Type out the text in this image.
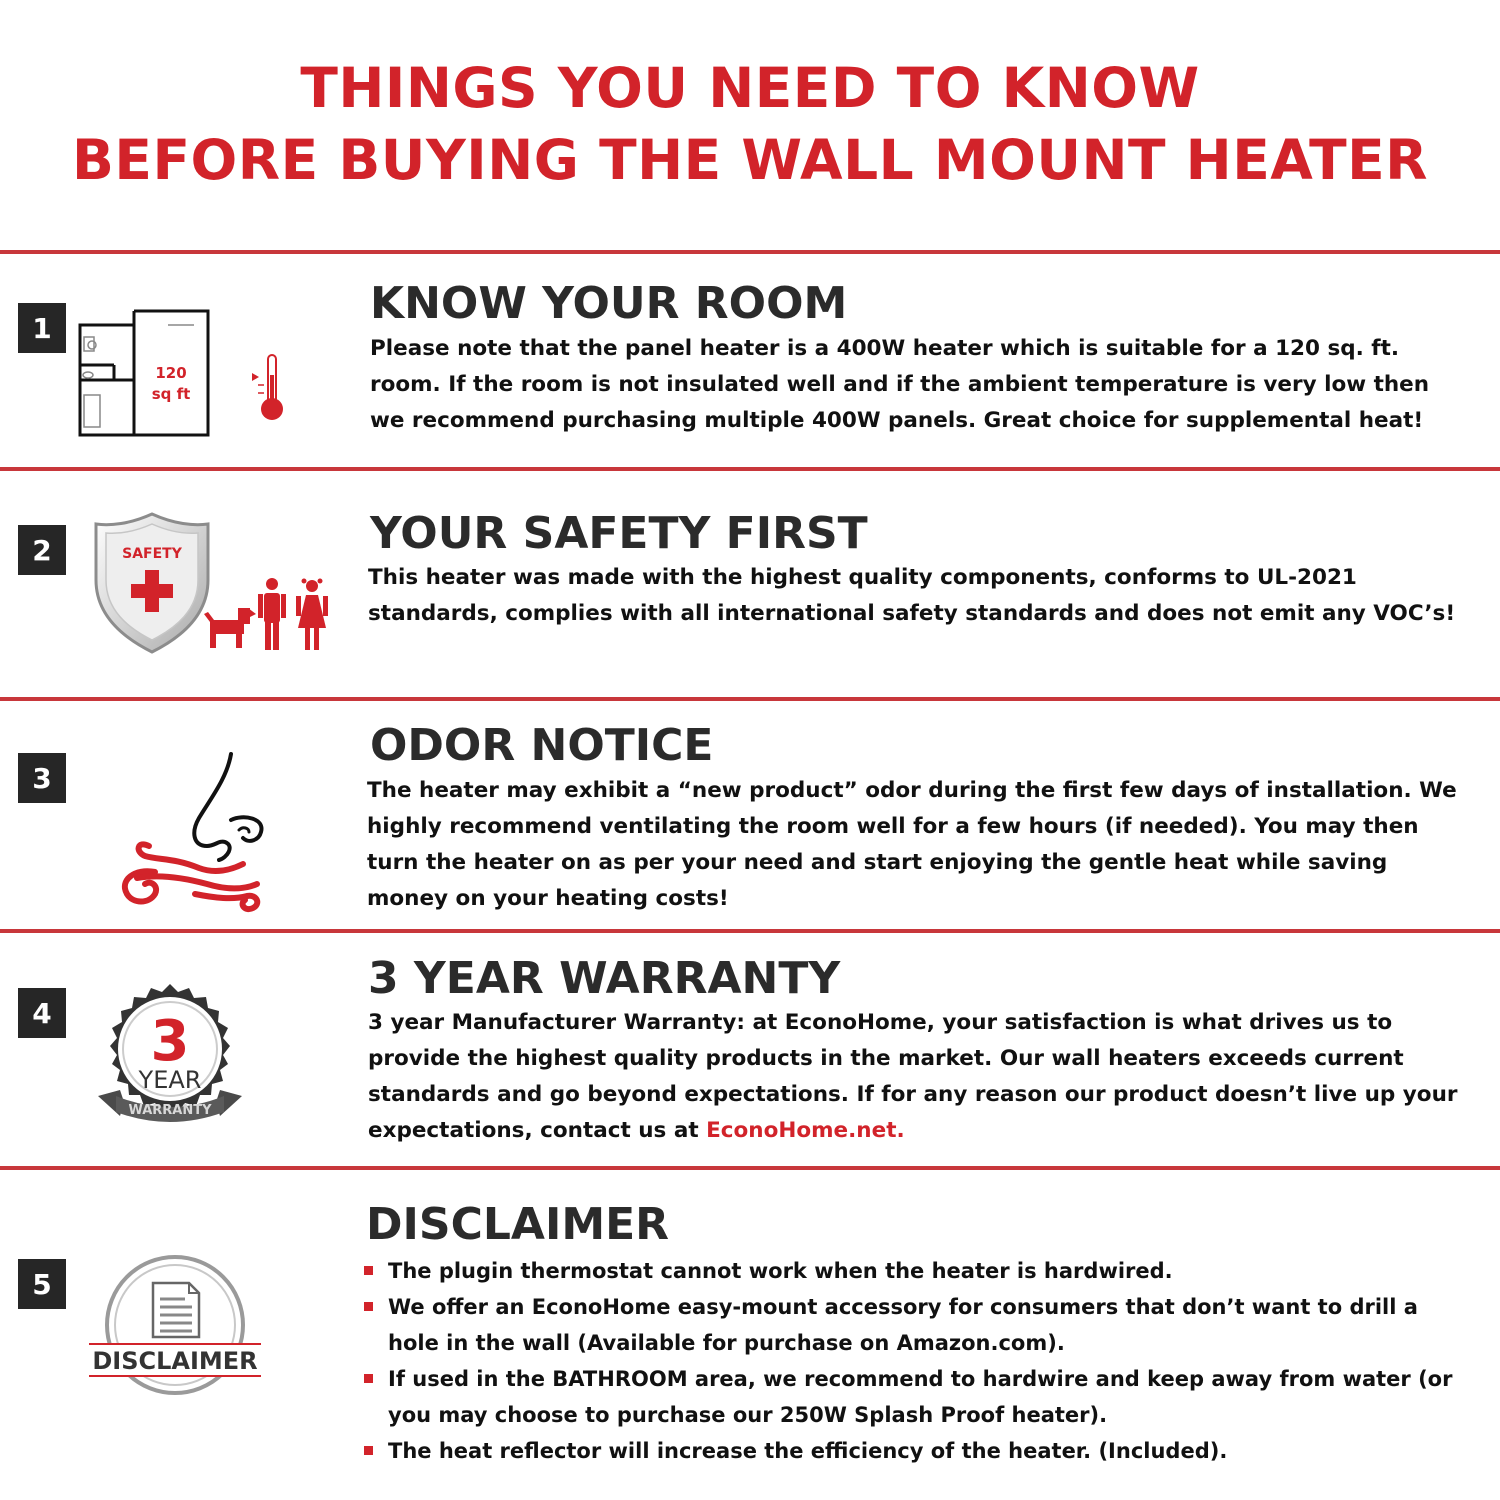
THINGS YOU NEED TO KNOW
BEFORE BUYING THE WALL MOUNT HEATER
1
120
sq ft
KNOW YOUR ROOM
Please note that the panel heater is a 400W heater which is suitable for a 120 sq. ft. room. If the room is not insulated well and if the ambient temperature is very low then we recommend purchasing multiple 400W panels. Great choice for supplemental heat!
2	SAFETY	YOUR SAFETY FIRST
This heater was made with the highest quality components, conforms to UL-2021 standards, complies with all international safety standards and does not emit any VOC’s!
3
ODOR NOTICE
The heater may exhibit a “new product” odor during the first few days of installation. We highly recommend ventilating the room well for a few hours (if needed). You may then turn the heater on as per your need and start enjoying the gentle heat while saving money on your heating costs!
4 3
YEAR
WARRANTY
3 YEAR WARRANTY
3 year Manufacturer Warranty: at EconoHome, your satisfaction is what drives us to provide the highest quality products in the market. Our wall heaters exceeds current standards and go beyond expectations. If for any reason our product doesn’t live up your expectations, contact us at EconoHome.net.
5
DISCLAIMER
DISCLAIMER
The plugin thermostat cannot work when the heater is hardwired.
We offer an EconoHome easy-mount accessory for consumers that don’t want to drill a hole in the wall (Available for purchase on Amazon.com).
If used in the BATHROOM area, we recommend to hardwire and keep away from water (or you may choose to purchase our 250W Splash Proof heater).
The heat reflector will increase the efficiency of the heater. (Included).
